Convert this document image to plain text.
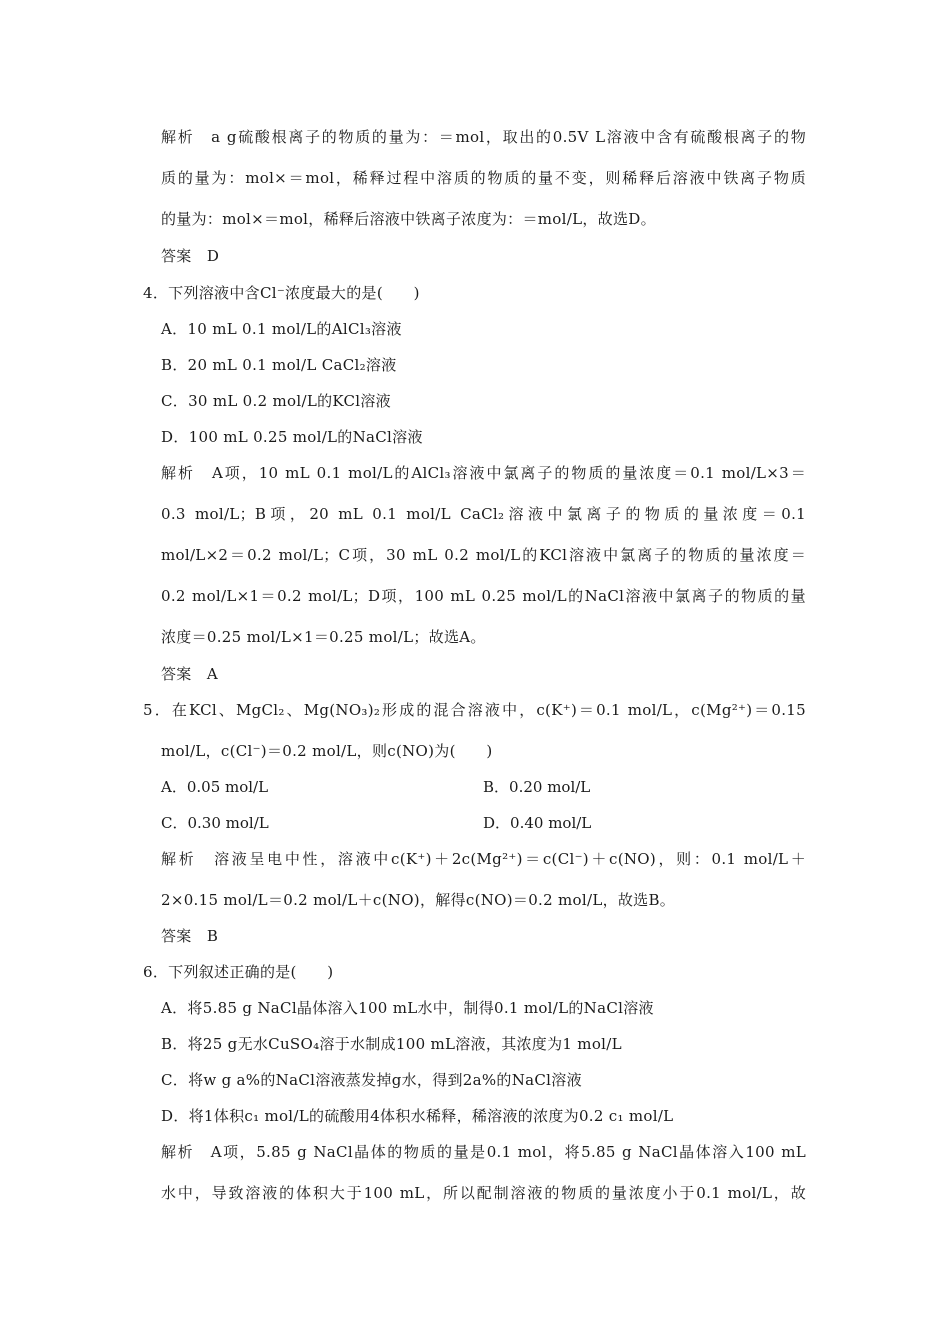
解析　a g硫酸根离子的物质的量为：＝mol，取出的0.5V L溶液中含有硫酸根离子的物
质的量为：mol×＝mol，稀释过程中溶质的物质的量不变，则稀释后溶液中铁离子物质
的量为：mol×＝mol，稀释后溶液中铁离子浓度为：＝mol/L，故选D。
答案　D
4．下列溶液中含Cl⁻浓度最大的是(　　)
A．10 mL 0.1 mol/L的AlCl₃溶液
B．20 mL 0.1 mol/L CaCl₂溶液
C．30 mL 0.2 mol/L的KCl溶液
D．100 mL 0.25 mol/L的NaCl溶液
解析　A项，10 mL 0.1 mol/L的AlCl₃溶液中氯离子的物质的量浓度＝0.1 mol/L×3＝
0.3 mol/L；B项，20 mL 0.1 mol/L CaCl₂溶液中氯离子的物质的量浓度＝0.1
mol/L×2＝0.2 mol/L；C项，30 mL 0.2 mol/L的KCl溶液中氯离子的物质的量浓度＝
0.2 mol/L×1＝0.2 mol/L；D项，100 mL 0.25 mol/L的NaCl溶液中氯离子的物质的量
浓度＝0.25 mol/L×1＝0.25 mol/L；故选A。
答案　A
5．在KCl、MgCl₂、Mg(NO₃)₂形成的混合溶液中，c(K⁺)＝0.1 mol/L，c(Mg²⁺)＝0.15
mol/L，c(Cl⁻)＝0.2 mol/L，则c(NO)为(　　)
A．0.05 mol/L	B．0.20 mol/L
C．0.30 mol/L	D．0.40 mol/L
解析　溶液呈电中性，溶液中c(K⁺)＋2c(Mg²⁺)＝c(Cl⁻)＋c(NO)，则：0.1 mol/L＋
2×0.15 mol/L＝0.2 mol/L＋c(NO)，解得c(NO)＝0.2 mol/L，故选B。
答案　B
6．下列叙述正确的是(　　)
A．将5.85 g NaCl晶体溶入100 mL水中，制得0.1 mol/L的NaCl溶液
B．将25 g无水CuSO₄溶于水制成100 mL溶液，其浓度为1 mol/L
C．将w g a%的NaCl溶液蒸发掉g水，得到2a%的NaCl溶液
D．将1体积c₁ mol/L的硫酸用4体积水稀释，稀溶液的浓度为0.2 c₁ mol/L
解析　A项，5.85 g NaCl晶体的物质的量是0.1 mol，将5.85 g NaCl晶体溶入100 mL
水中，导致溶液的体积大于100 mL，所以配制溶液的物质的量浓度小于0.1 mol/L，故
